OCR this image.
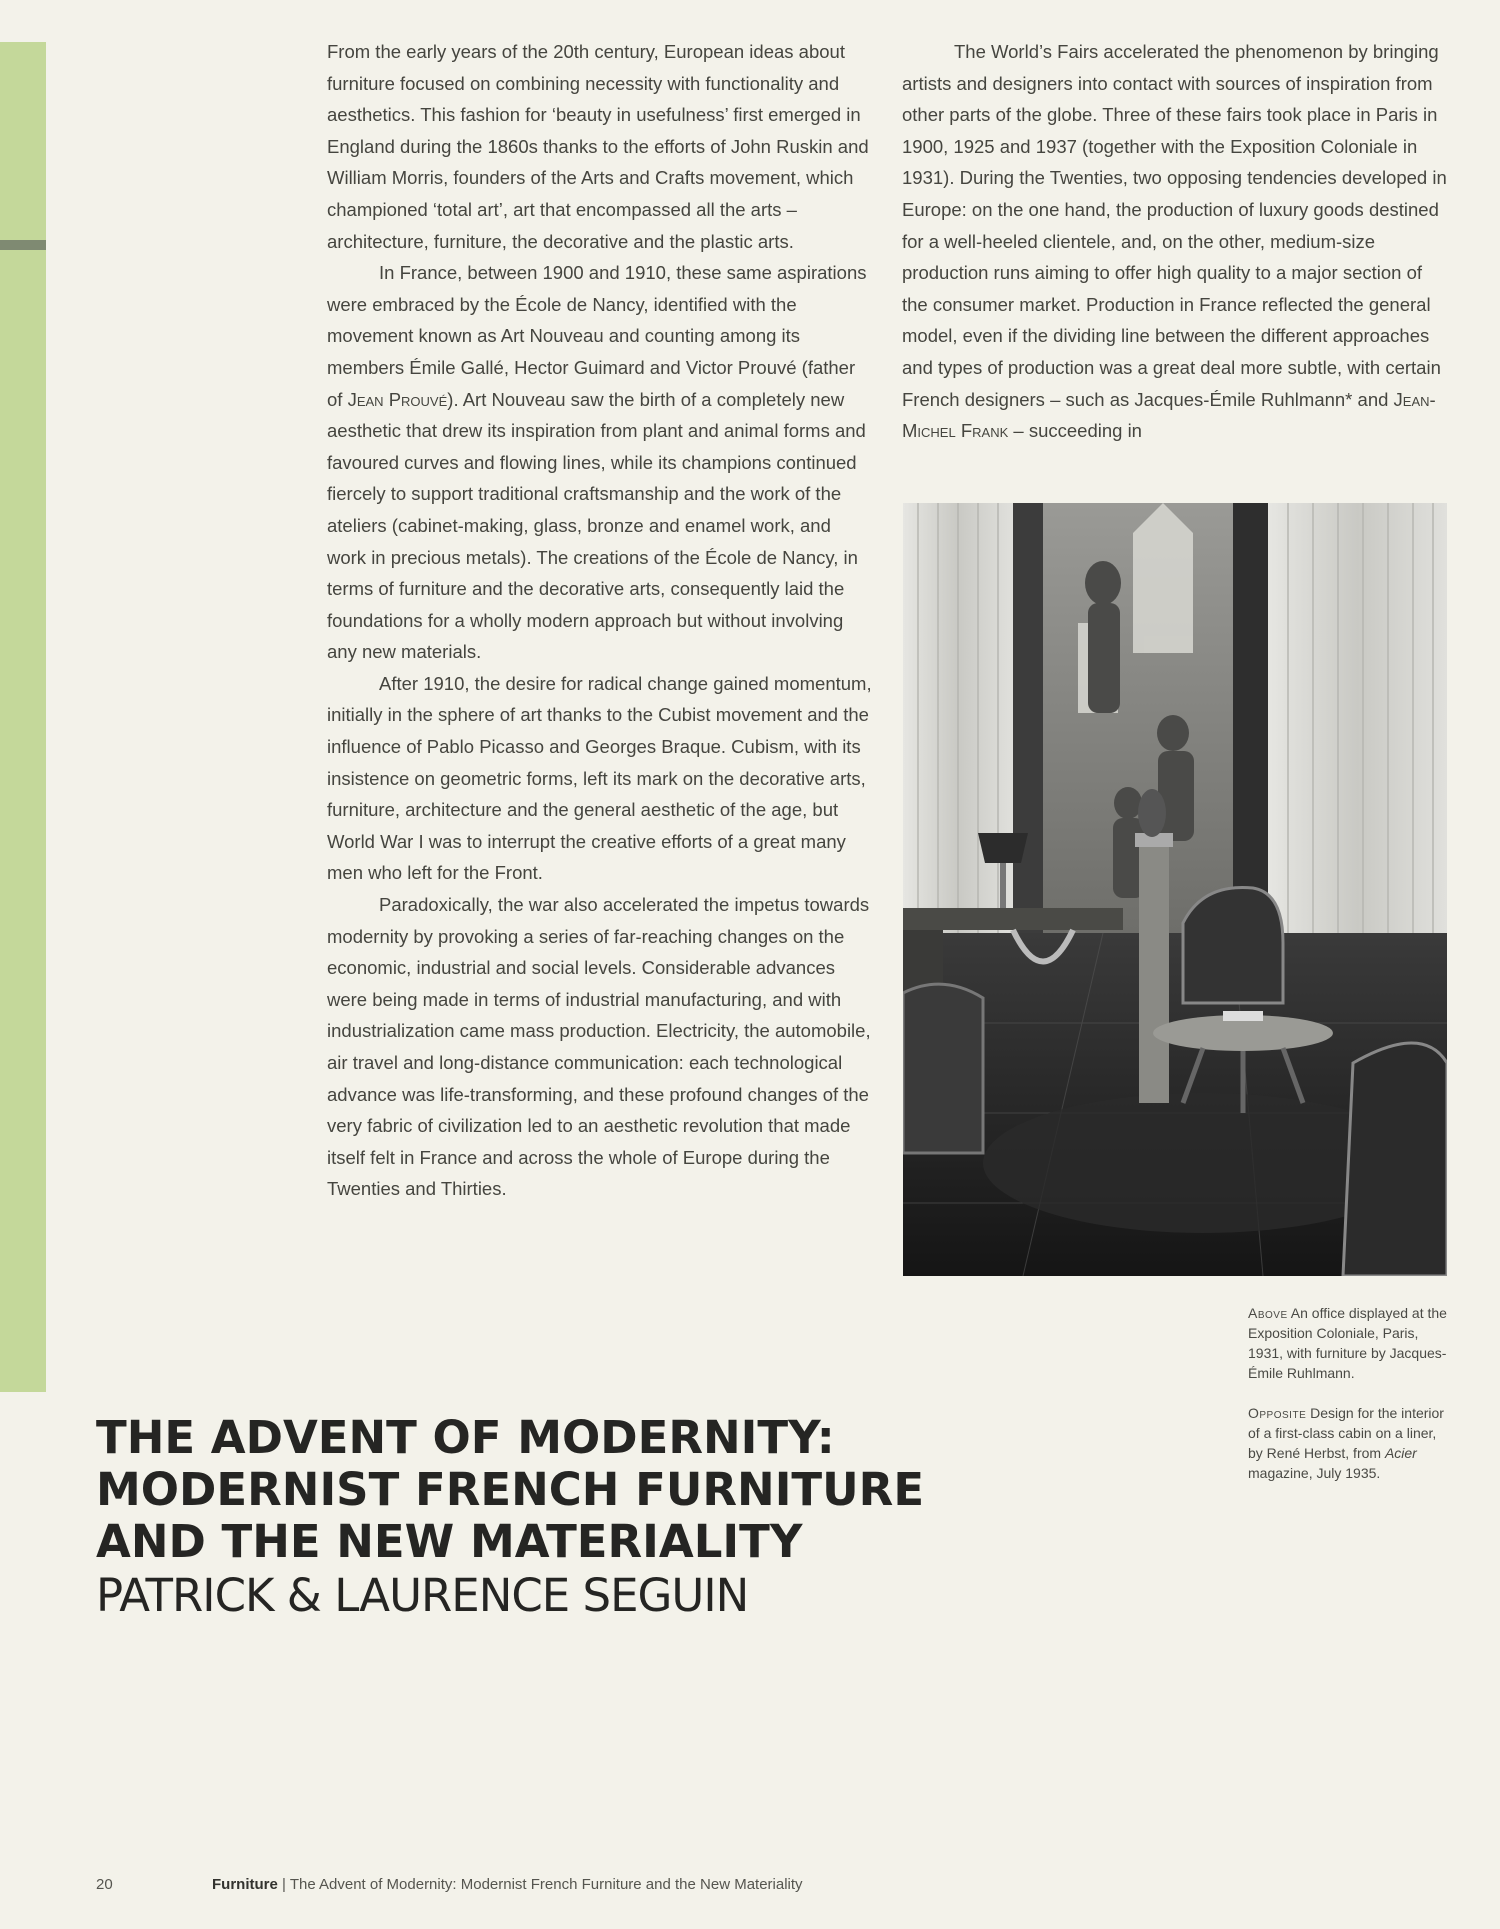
From the early years of the 20th century, European ideas about furniture focused on combining necessity with functionality and aesthetics. This fashion for ‘beauty in usefulness’ first emerged in England during the 1860s thanks to the efforts of John Ruskin and William Morris, founders of the Arts and Crafts movement, which championed ‘total art’, art that encompassed all the arts – architecture, furniture, the decorative and the plastic arts.

In France, between 1900 and 1910, these same aspirations were embraced by the École de Nancy, identified with the movement known as Art Nouveau and counting among its members Émile Gallé, Hector Guimard and Victor Prouvé (father of Jean Prouvé). Art Nouveau saw the birth of a completely new aesthetic that drew its inspiration from plant and animal forms and favoured curves and flowing lines, while its champions continued fiercely to support traditional craftsmanship and the work of the ateliers (cabinet-making, glass, bronze and enamel work, and work in precious metals). The creations of the École de Nancy, in terms of furniture and the decorative arts, consequently laid the foundations for a wholly modern approach but without involving any new materials.

After 1910, the desire for radical change gained momentum, initially in the sphere of art thanks to the Cubist movement and the influence of Pablo Picasso and Georges Braque. Cubism, with its insistence on geometric forms, left its mark on the decorative arts, furniture, architecture and the general aesthetic of the age, but World War I was to interrupt the creative efforts of a great many men who left for the Front.

Paradoxically, the war also accelerated the impetus towards modernity by provoking a series of far-reaching changes on the economic, industrial and social levels. Considerable advances were being made in terms of industrial manufacturing, and with industrialization came mass production. Electricity, the automobile, air travel and long-distance communication: each technological advance was life-transforming, and these profound changes of the very fabric of civilization led to an aesthetic revolution that made itself felt in France and across the whole of Europe during the Twenties and Thirties.

The World’s Fairs accelerated the phenomenon by bringing artists and designers into contact with sources of inspiration from other parts of the globe. Three of these fairs took place in Paris in 1900, 1925 and 1937 (together with the Exposition Coloniale in 1931). During the Twenties, two opposing tendencies developed in Europe: on the one hand, the production of luxury goods destined for a well-heeled clientele, and, on the other, medium-size production runs aiming to offer high quality to a major section of the consumer market. Production in France reflected the general model, even if the dividing line between the different approaches and types of production was a great deal more subtle, with certain French designers – such as Jacques-Émile Ruhlmann* and Jean-Michel Frank – succeeding in

Above An office displayed at the Exposition Coloniale, Paris, 1931, with furniture by Jacques-Émile Ruhlmann.

Opposite Design for the interior of a first-class cabin on a liner, by René Herbst, from Acier magazine, July 1935.

THE ADVENT OF MODERNITY:
MODERNIST FRENCH FURNITURE
AND THE NEW MATERIALITY
PATRICK & LAURENCE SEGUIN
20	Furniture | The Advent of Modernity: Modernist French Furniture and the New Materiality
